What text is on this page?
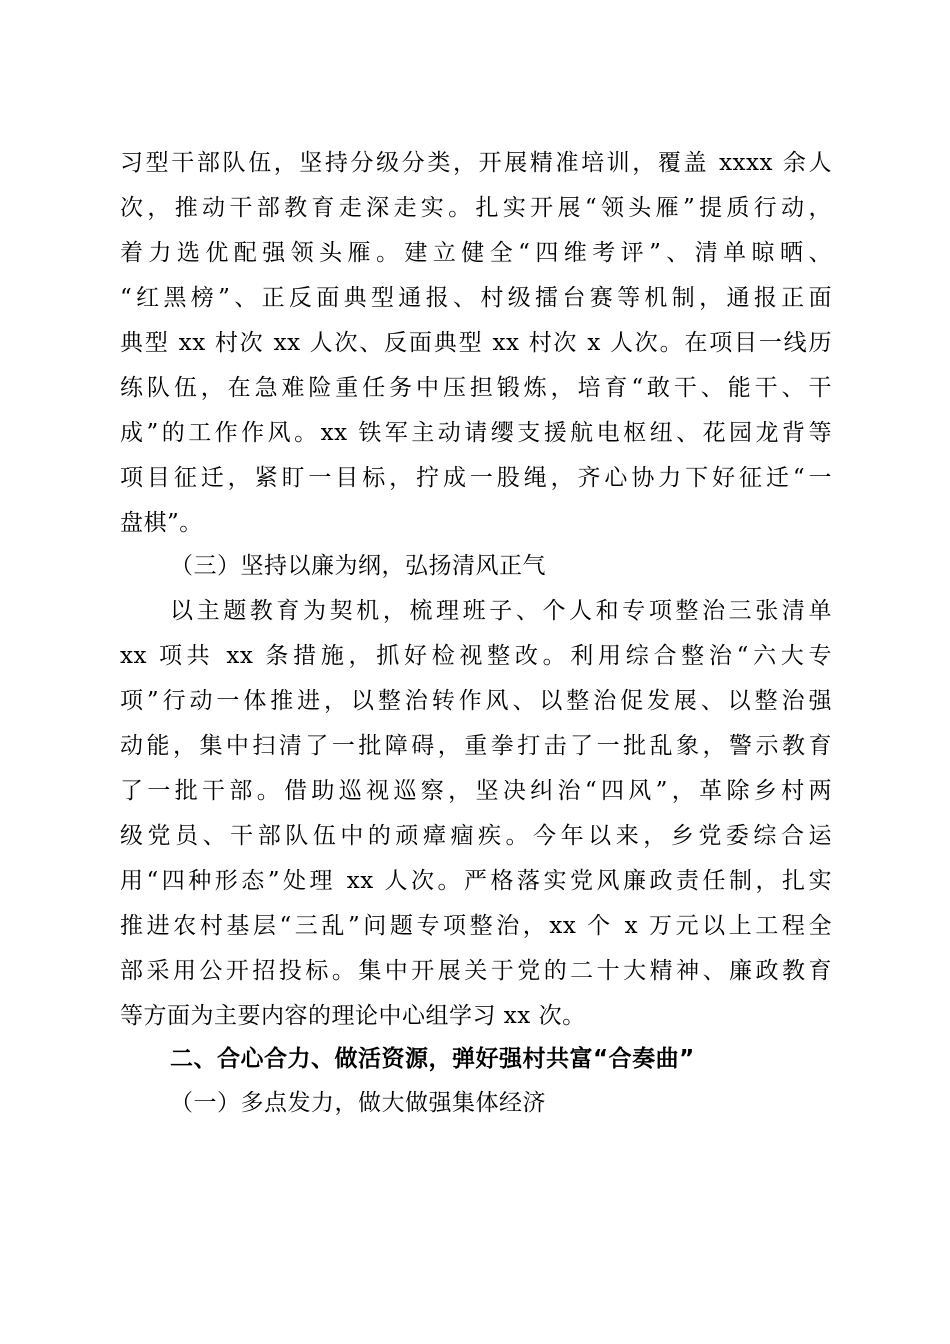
习型干部队伍，坚持分级分类，开展精准培训，覆盖 xxxx 余人
次，推动干部教育走深走实。扎实开展“领头雁”提质行动，
着力选优配强领头雁。建立健全“四维考评”、清单晾晒、
“红黑榜”、正反面典型通报、村级擂台赛等机制，通报正面
典型 xx 村次 xx 人次、反面典型 xx 村次 x 人次。在项目一线历
练队伍，在急难险重任务中压担锻炼，培育“敢干、能干、干
成”的工作作风。xx 铁军主动请缨支援航电枢纽、花园龙背等
项目征迁，紧盯一目标，拧成一股绳，齐心协力下好征迁“一
盘棋”。
（三）坚持以廉为纲，弘扬清风正气
以主题教育为契机，梳理班子、个人和专项整治三张清单
xx 项共 xx 条措施，抓好检视整改。利用综合整治“六大专
项”行动一体推进，以整治转作风、以整治促发展、以整治强
动能，集中扫清了一批障碍，重拳打击了一批乱象，警示教育
了一批干部。借助巡视巡察，坚决纠治“四风”，革除乡村两
级党员、干部队伍中的顽瘴痼疾。今年以来，乡党委综合运
用“四种形态”处理 xx 人次。严格落实党风廉政责任制，扎实
推进农村基层“三乱”问题专项整治，xx 个 x 万元以上工程全
部采用公开招投标。集中开展关于党的二十大精神、廉政教育
等方面为主要内容的理论中心组学习 xx 次。
二、合心合力、做活资源，弹好强村共富“合奏曲”
（一）多点发力，做大做强集体经济
